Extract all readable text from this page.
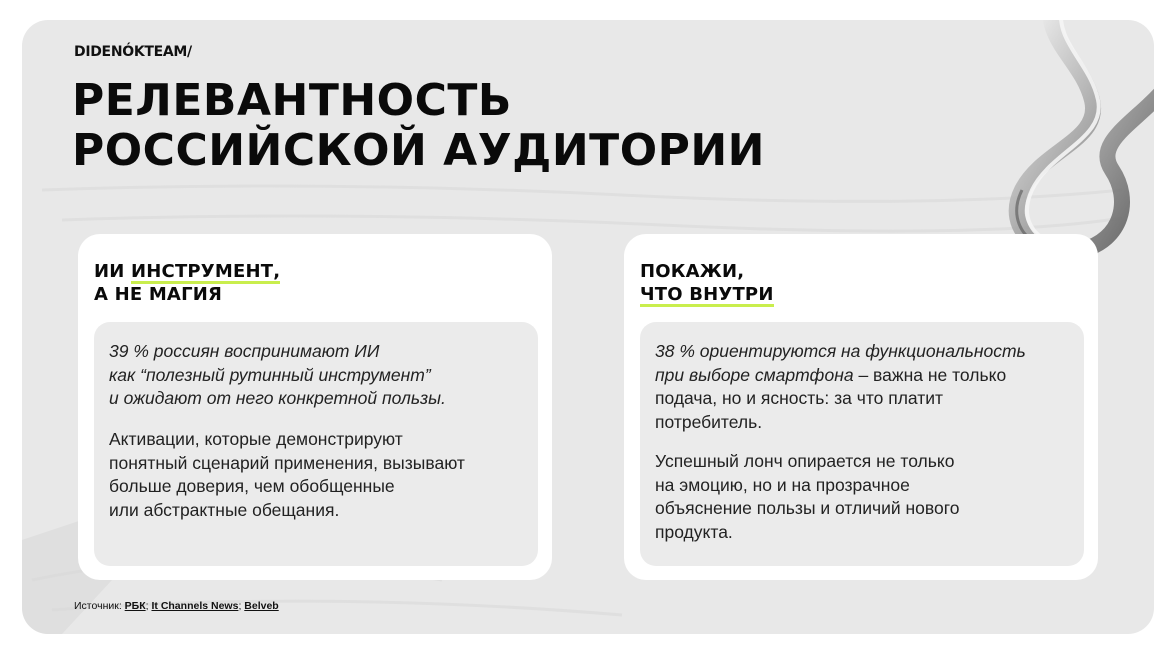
DIDENÓKTEAM/
РЕЛЕВАНТНОСТЬ
РОССИЙСКОЙ АУДИТОРИИ
ИИ ИНСТРУМЕНТ,
А НЕ МАГИЯ

39 % россиян воспринимают ИИ
как “полезный рутинный инструмент”
и ожидают от него конкретной пользы.

Активации, которые демонстрируют
понятный сценарий применения, вызывают
больше доверия, чем обобщенные
или абстрактные обещания.

ПОКАЖИ,
ЧТО ВНУТРИ

38 % ориентируются на функциональность
при выборе смартфона – важна не только
подача, но и ясность: за что платит
потребитель.

Успешный лонч опирается не только
на эмоцию, но и на прозрачное
объяснение пользы и отличий нового
продукта.

Источник: РБК; It Channels News; Belveb
